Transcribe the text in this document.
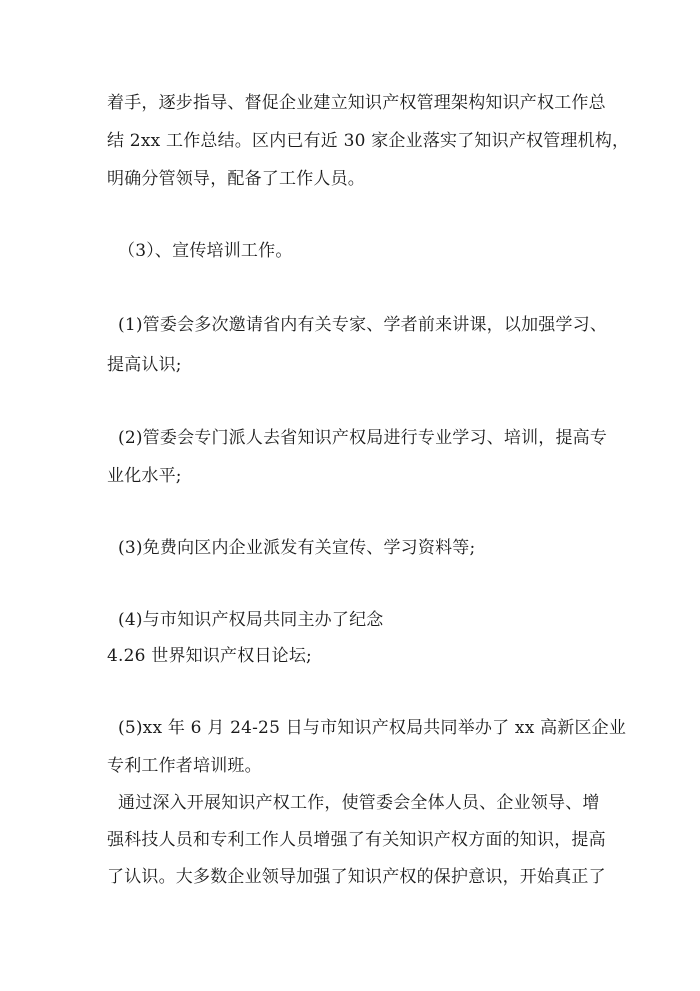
着手，逐步指导、督促企业建立知识产权管理架构知识产权工作总
结 2xx 工作总结。区内已有近 30 家企业落实了知识产权管理机构，
明确分管领导，配备了工作人员。
（3）、宣传培训工作。
(1)管委会多次邀请省内有关专家、学者前来讲课，以加强学习、
提高认识;
(2)管委会专门派人去省知识产权局进行专业学习、培训，提高专
业化水平;
(3)免费向区内企业派发有关宣传、学习资料等;
(4)与市知识产权局共同主办了纪念
4.26 世界知识产权日论坛;
(5)xx 年 6 月 24-25 日与市知识产权局共同举办了 xx 高新区企业
专利工作者培训班。
通过深入开展知识产权工作，使管委会全体人员、企业领导、增
强科技人员和专利工作人员增强了有关知识产权方面的知识，提高
了认识。大多数企业领导加强了知识产权的保护意识，开始真正了
